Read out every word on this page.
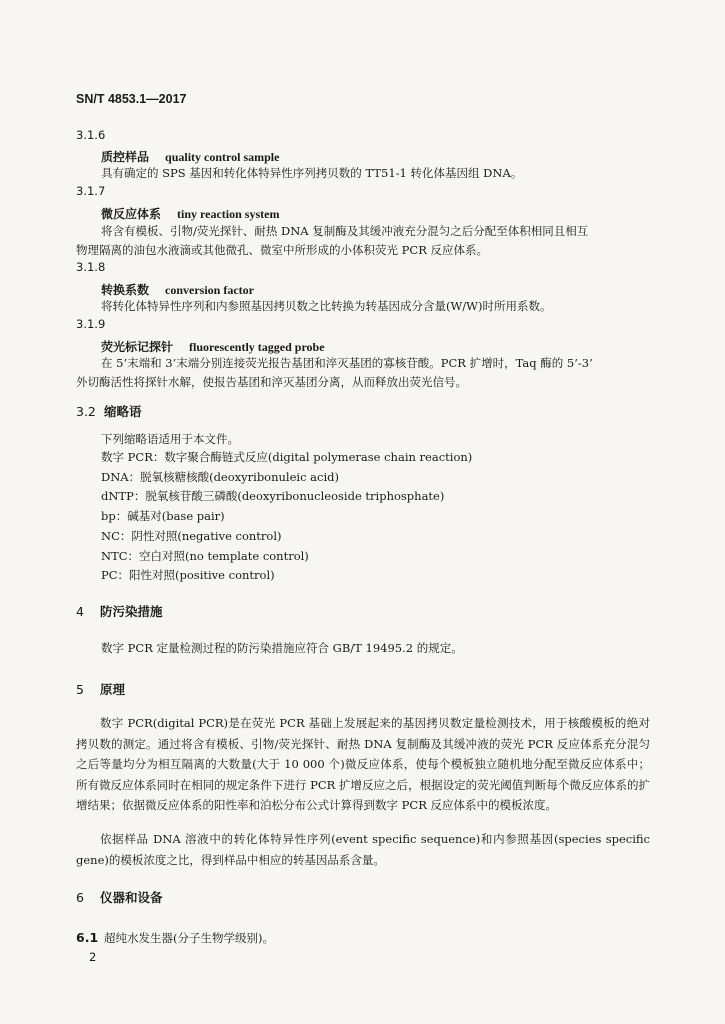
SN/T 4853.1—2017
3.1.6
质控样品 quality control sample
具有确定的 SPS 基因和转化体特异性序列拷贝数的 TT51-1 转化体基因组 DNA。
3.1.7
微反应体系 tiny reaction system
将含有模板、引物/荧光探针、耐热 DNA 复制酶及其缓冲液充分混匀之后分配至体积相同且相互
物理隔离的油包水液滴或其他微孔、微室中所形成的小体积荧光 PCR 反应体系。
3.1.8
转换系数 conversion factor
将转化体特异性序列和内参照基因拷贝数之比转换为转基因成分含量(W/W)时所用系数。
3.1.9
荧光标记探针 fluorescently tagged probe
在 5’末端和 3’末端分别连接荧光报告基团和淬灭基团的寡核苷酸。PCR 扩增时，Taq 酶的 5’-3’
外切酶活性将探针水解，使报告基团和淬灭基团分离，从而释放出荧光信号。
3.2 缩略语
下列缩略语适用于本文件。
数字 PCR：数字聚合酶链式反应(digital polymerase chain reaction)
DNA：脱氧核糖核酸(deoxyribonuleic acid)
dNTP：脱氧核苷酸三磷酸(deoxyribonucleoside triphosphate)
bp：碱基对(base pair)
NC：阴性对照(negative control)
NTC：空白对照(no template control)
PC：阳性对照(positive control)
4 防污染措施
数字 PCR 定量检测过程的防污染措施应符合 GB/T 19495.2 的规定。
5 原理
数字 PCR(digital PCR)是在荧光 PCR 基础上发展起来的基因拷贝数定量检测技术，用于核酸模板的绝对拷贝数的测定。通过将含有模板、引物/荧光探针、耐热 DNA 复制酶及其缓冲液的荧光 PCR 反应体系充分混匀之后等量均分为相互隔离的大数量(大于 10 000 个)微反应体系，使每个模板独立随机地分配至微反应体系中；所有微反应体系同时在相同的规定条件下进行 PCR 扩增反应之后，根据设定的荧光阈值判断每个微反应体系的扩增结果；依据微反应体系的阳性率和泊松分布公式计算得到数字 PCR 反应体系中的模板浓度。
依据样品 DNA 溶液中的转化体特异性序列(event specific sequence)和内参照基因(species specific gene)的模板浓度之比，得到样品中相应的转基因品系含量。
6 仪器和设备
6.1 超纯水发生器(分子生物学级别)。
2
